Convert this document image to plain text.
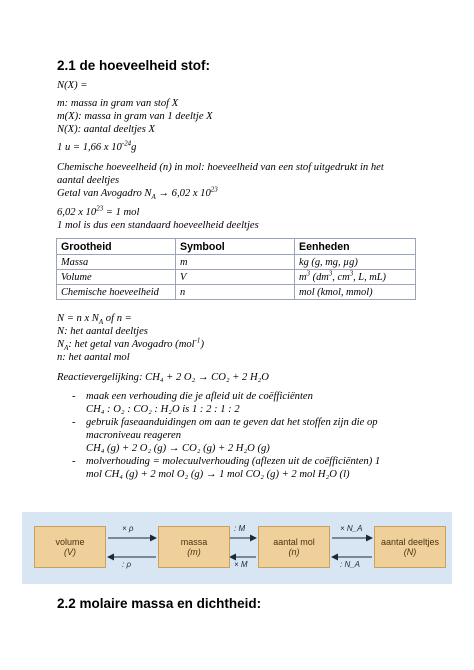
2.1 de hoeveelheid stof:
N(X) =
m: massa in gram van stof X
m(X): massa in gram van 1 deeltje X
N(X): aantal deeltjes X
1 u = 1,66 x $10^{-24}g$
Chemische hoeveelheid (n) in mol: hoeveelheid van een stof uitgedrukt in het
aantal deeltjes
Getal van Avogadro $N_A \to 6,02$ x $10^{23}$
6,02 x $10^{23} = 1$ mol
1 mol is dus een standaard hoeveelheid deeltjes
Grootheid	Symbool	Eenheden
Massa	m	kg (g, mg, µg)
Volume	V	$m^3$ ($dm^3$, $cm^3$, L, mL)
Chemische hoeveelheid	n	mol (kmol, mmol)
N = n x $N_A$ of n =
N: het aantal deeltjes
$N_A$: het getal van Avogadro (mol$^{-1}$)
n: het aantal mol
Reactievergelijking: CH₄ + 2 O₂ → CO₂ + 2 H₂O
- maak een verhouding die je afleid uit de coëfficiënten
CH₄ : O₂ : CO₂ : H₂O is 1 : 2 : 1 : 2
- gebruik faseaanduidingen om aan te geven dat het stoffen zijn die op
macroniveau reageren
CH₄ (g) + 2 O₂ (g) → CO₂ (g) + 2 H₂O (g)
- molverhouding = molecuulverhouding (aflezen uit de coëfficiënten) 1
mol CH₄ (g) + 2 mol O₂ (g) → 1 mol CO₂ (g) + 2 mol H₂O (l)
volume
(V)
massa
(m)
aantal mol
(n)
aantal deeltjes
(N)
× ρ
: ρ
: M
× M
× N_A
: N_A
2.2 molaire massa en dichtheid:
